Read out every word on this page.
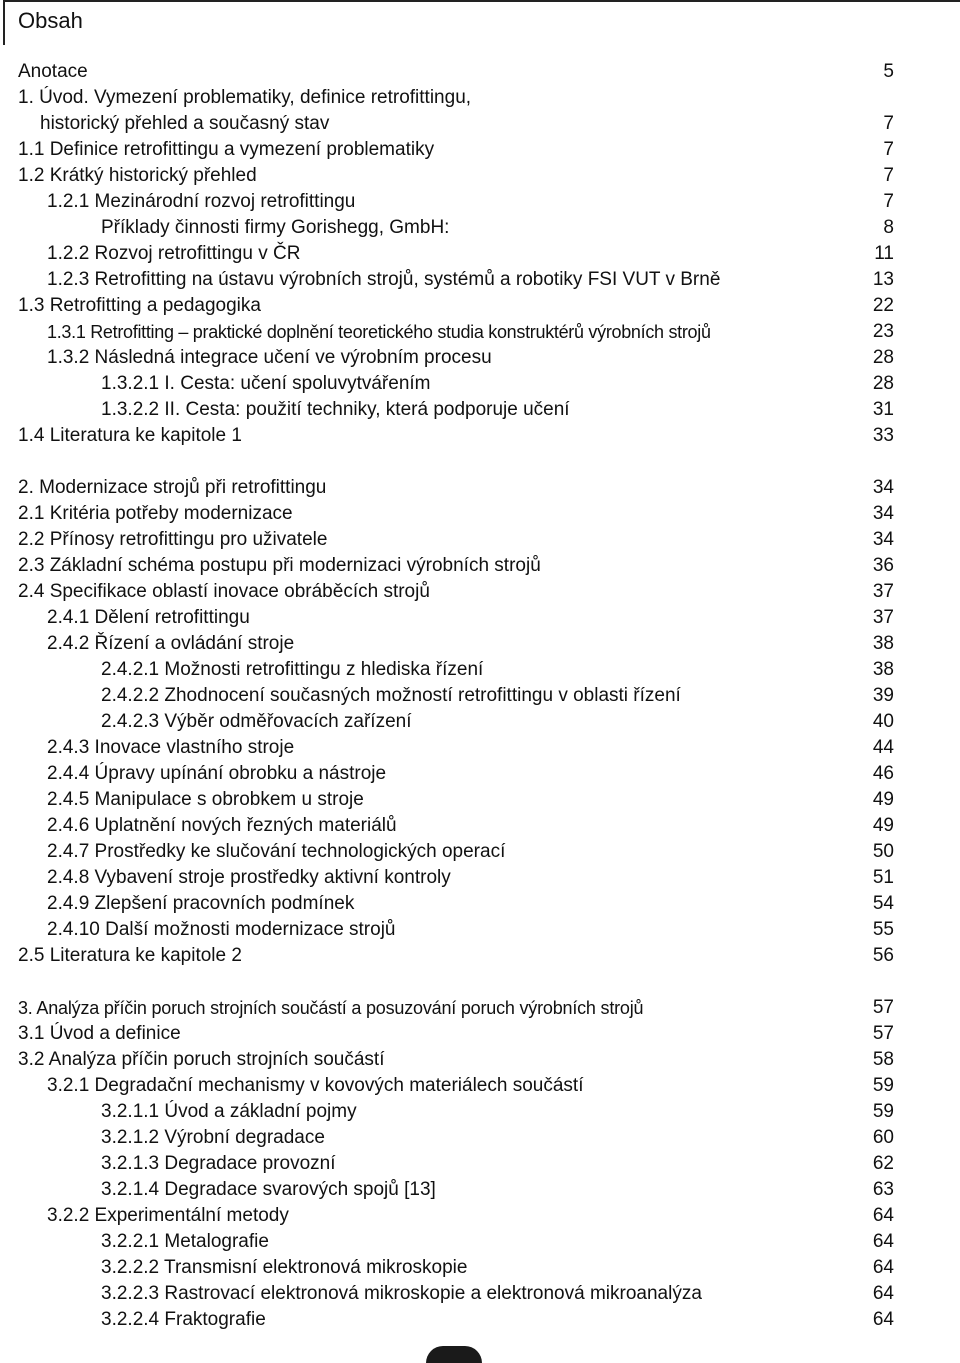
Obsah
Anotace	5
1. Úvod. Vymezení problematiky, definice retrofittingu,
historický přehled a současný stav	7
1.1 Definice retrofittingu a vymezení problematiky	7
1.2 Krátký historický přehled	7
1.2.1 Mezinárodní rozvoj retrofittingu	7
Příklady činnosti firmy Gorishegg, GmbH:	8
1.2.2 Rozvoj retrofittingu v ČR	11
1.2.3 Retrofitting na ústavu výrobních strojů, systémů a robotiky FSI VUT v Brně	13
1.3 Retrofitting a pedagogika	22
1.3.1 Retrofitting – praktické doplnění teoretického studia konstruktérů výrobních strojů	23
1.3.2 Následná integrace učení ve výrobním procesu	28
1.3.2.1 I. Cesta: učení spoluvytvářením	28
1.3.2.2 II. Cesta: použití techniky, která podporuje učení	31
1.4 Literatura ke kapitole 1	33
2. Modernizace strojů při retrofittingu	34
2.1 Kritéria potřeby modernizace	34
2.2 Přínosy retrofittingu pro uživatele	34
2.3 Základní schéma postupu při modernizaci výrobních strojů	36
2.4 Specifikace oblastí inovace obráběcích strojů	37
2.4.1 Dělení retrofittingu	37
2.4.2 Řízení a ovládání stroje	38
2.4.2.1 Možnosti retrofittingu z hlediska řízení	38
2.4.2.2 Zhodnocení současných možností retrofittingu v oblasti řízení	39
2.4.2.3 Výběr odměřovacích zařízení	40
2.4.3 Inovace vlastního stroje	44
2.4.4 Úpravy upínání obrobku a nástroje	46
2.4.5 Manipulace s obrobkem u stroje	49
2.4.6 Uplatnění nových řezných materiálů	49
2.4.7 Prostředky ke slučování technologických operací	50
2.4.8 Vybavení stroje prostředky aktivní kontroly	51
2.4.9 Zlepšení pracovních podmínek	54
2.4.10 Další možnosti modernizace strojů	55
2.5 Literatura ke kapitole 2	56
3. Analýza příčin poruch strojních součástí a posuzování poruch výrobních strojů	57
3.1 Úvod a definice	57
3.2 Analýza příčin poruch strojních součástí	58
3.2.1 Degradační mechanismy v kovových materiálech součástí	59
3.2.1.1 Úvod a základní pojmy	59
3.2.1.2 Výrobní degradace	60
3.2.1.3 Degradace provozní	62
3.2.1.4 Degradace svarových spojů [13]	63
3.2.2 Experimentální metody	64
3.2.2.1 Metalografie	64
3.2.2.2 Transmisní elektronová mikroskopie	64
3.2.2.3 Rastrovací elektronová mikroskopie a elektronová mikroanalýza	64
3.2.2.4 Fraktografie	64
